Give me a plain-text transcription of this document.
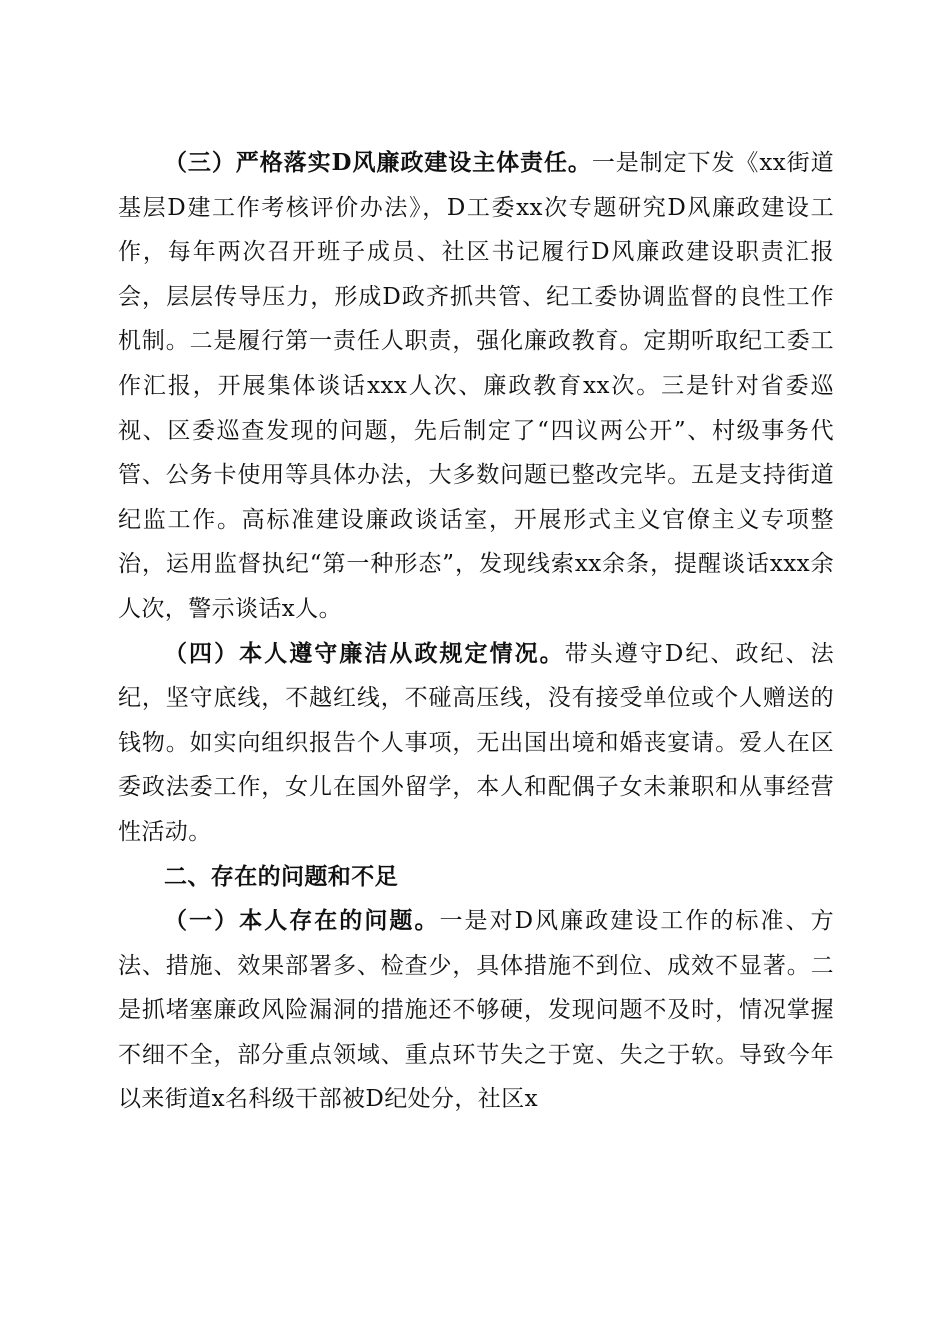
（三）严格落实D风廉政建设主体责任。一是制定下发《xx街道基层D建工作考核评价办法》，D工委xx次专题研究D风廉政建设工作，每年两次召开班子成员、社区书记履行D风廉政建设职责汇报会，层层传导压力，形成D政齐抓共管、纪工委协调监督的良性工作机制。二是履行第一责任人职责，强化廉政教育。定期听取纪工委工作汇报，开展集体谈话xxx人次、廉政教育xx次。三是针对省委巡视、区委巡查发现的问题，先后制定了“四议两公开”、村级事务代管、公务卡使用等具体办法，大多数问题已整改完毕。五是支持街道纪监工作。高标准建设廉政谈话室，开展形式主义官僚主义专项整治，运用监督执纪“第一种形态”，发现线索xx余条，提醒谈话xxx余人次，警示谈话x人。

（四）本人遵守廉洁从政规定情况。带头遵守D纪、政纪、法纪，坚守底线，不越红线，不碰高压线，没有接受单位或个人赠送的钱物。如实向组织报告个人事项，无出国出境和婚丧宴请。爱人在区委政法委工作，女儿在国外留学，本人和配偶子女未兼职和从事经营性活动。

二、存在的问题和不足

（一）本人存在的问题。一是对D风廉政建设工作的标准、方法、措施、效果部署多、检查少，具体措施不到位、成效不显著。二是抓堵塞廉政风险漏洞的措施还不够硬，发现问题不及时，情况掌握不细不全，部分重点领域、重点环节失之于宽、失之于软。导致今年以来街道x名科级干部被D纪处分，社区x
